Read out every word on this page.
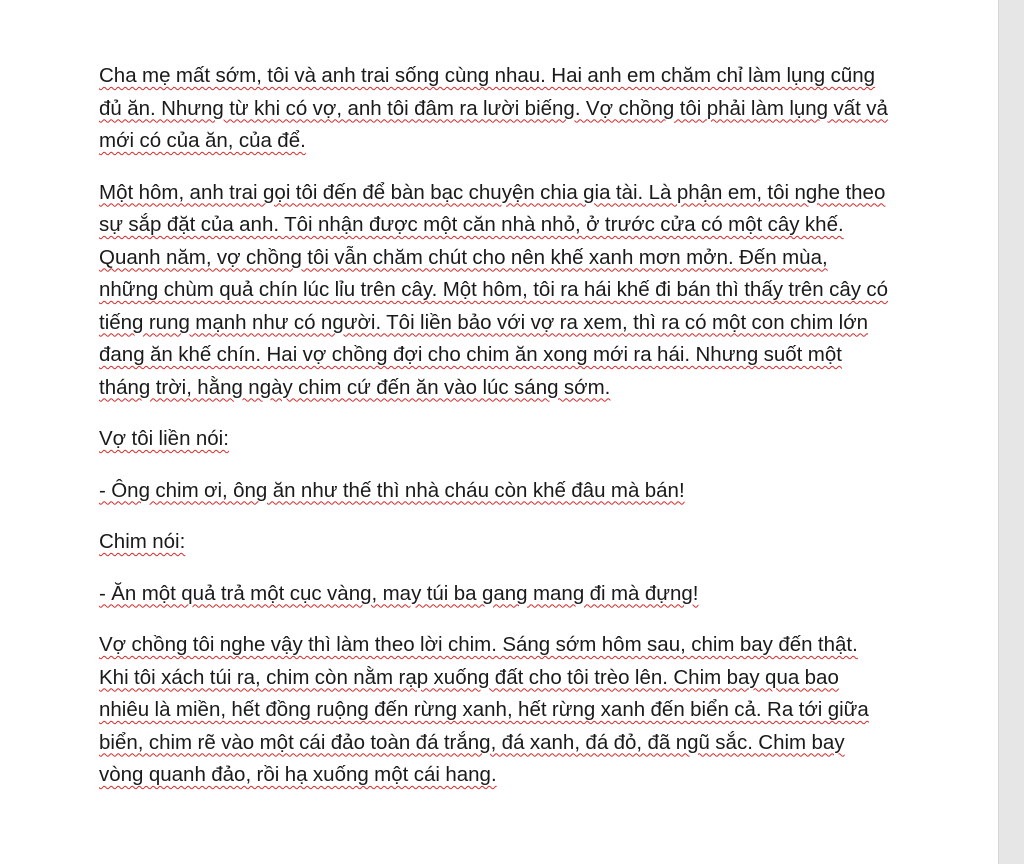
Cha mẹ mất sớm, tôi và anh trai sống cùng nhau. Hai anh em chăm chỉ làm lụng cũng đủ ăn. Nhưng từ khi có vợ, anh tôi đâm ra lười biếng. Vợ chồng tôi phải làm lụng vất vả mới có của ăn, của để.

Một hôm, anh trai gọi tôi đến để bàn bạc chuyện chia gia tài. Là phận em, tôi nghe theo sự sắp đặt của anh. Tôi nhận được một căn nhà nhỏ, ở trước cửa có một cây khế. Quanh năm, vợ chồng tôi vẫn chăm chút cho nên khế xanh mơn mởn. Đến mùa, những chùm quả chín lúc lỉu trên cây. Một hôm, tôi ra hái khế đi bán thì thấy trên cây có tiếng rung mạnh như có người. Tôi liền bảo với vợ ra xem, thì ra có một con chim lớn đang ăn khế chín. Hai vợ chồng đợi cho chim ăn xong mới ra hái. Nhưng suốt một tháng trời, hằng ngày chim cứ đến ăn vào lúc sáng sớm.

Vợ tôi liền nói:

- Ông chim ơi, ông ăn như thế thì nhà cháu còn khế đâu mà bán!

Chim nói:

- Ăn một quả trả một cục vàng, may túi ba gang mang đi mà đựng!

Vợ chồng tôi nghe vậy thì làm theo lời chim. Sáng sớm hôm sau, chim bay đến thật. Khi tôi xách túi ra, chim còn nằm rạp xuống đất cho tôi trèo lên. Chim bay qua bao nhiêu là miền, hết đồng ruộng đến rừng xanh, hết rừng xanh đến biển cả. Ra tới giữa biển, chim rẽ vào một cái đảo toàn đá trắng, đá xanh, đá đỏ, đã ngũ sắc. Chim bay vòng quanh đảo, rồi hạ xuống một cái hang.
